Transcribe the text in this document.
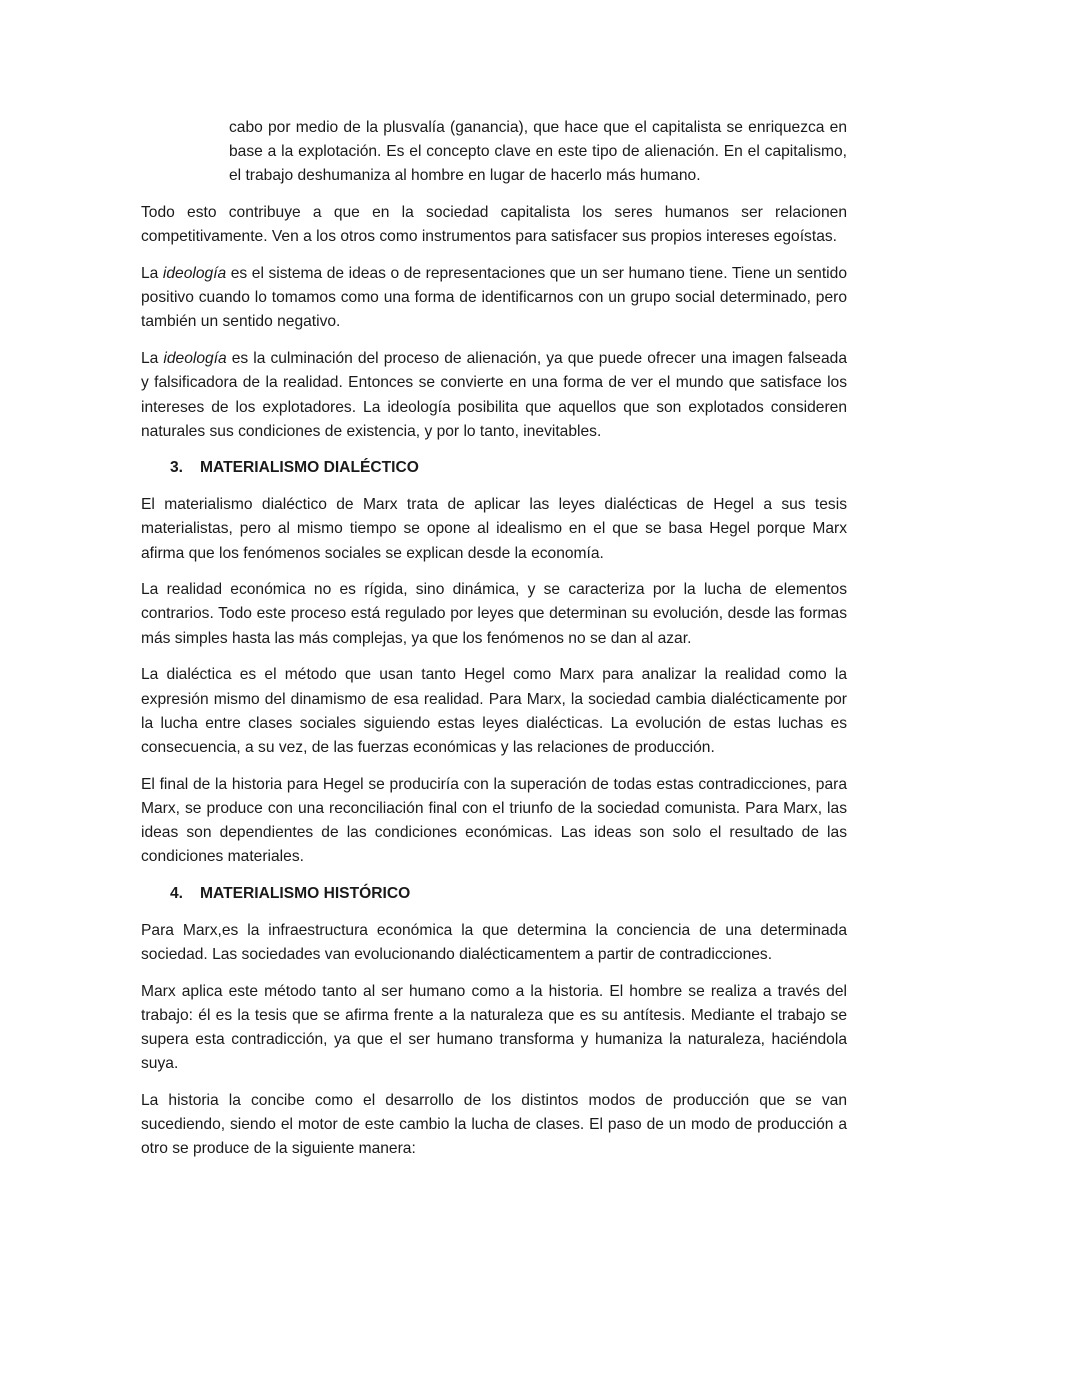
cabo por medio de la plusvalía (ganancia), que hace que el capitalista se enriquezca en base a la explotación. Es el concepto clave en este tipo de alienación. En el capitalismo, el trabajo deshumaniza al hombre en lugar de hacerlo más humano.

Todo esto contribuye a que en la sociedad capitalista los seres humanos ser relacionen competitivamente. Ven a los otros como instrumentos para satisfacer sus propios intereses egoístas.

La ideología es el sistema de ideas o de representaciones que un ser humano tiene. Tiene un sentido positivo cuando lo tomamos como una forma de identificarnos con un grupo social determinado, pero también un sentido negativo.

La ideología es la culminación del proceso de alienación, ya que puede ofrecer una imagen falseada y falsificadora de la realidad. Entonces se convierte en una forma de ver el mundo que satisface los intereses de los explotadores. La ideología posibilita que aquellos que son explotados consideren naturales sus condiciones de existencia, y por lo tanto, inevitables.

3. MATERIALISMO DIALÉCTICO

El materialismo dialéctico de Marx trata de aplicar las leyes dialécticas de Hegel a sus tesis materialistas, pero al mismo tiempo se opone al idealismo en el que se basa Hegel porque Marx afirma que los fenómenos sociales se explican desde la economía.

La realidad económica no es rígida, sino dinámica, y se caracteriza por la lucha de elementos contrarios. Todo este proceso está regulado por leyes que determinan su evolución, desde las formas más simples hasta las más complejas, ya que los fenómenos no se dan al azar.

La dialéctica es el método que usan tanto Hegel como Marx para analizar la realidad como la expresión mismo del dinamismo de esa realidad. Para Marx, la sociedad cambia dialécticamente por la lucha entre clases sociales siguiendo estas leyes dialécticas. La evolución de estas luchas es consecuencia, a su vez, de las fuerzas económicas y las relaciones de producción.

El final de la historia para Hegel se produciría con la superación de todas estas contradicciones, para Marx, se produce con una reconciliación final con el triunfo de la sociedad comunista. Para Marx, las ideas son dependientes de las condiciones económicas. Las ideas son solo el resultado de las condiciones materiales.

4. MATERIALISMO HISTÓRICO

Para Marx,es la infraestructura económica la que determina la conciencia de una determinada sociedad. Las sociedades van evolucionando dialécticamentem a partir de contradicciones.

Marx aplica este método tanto al ser humano como a la historia. El hombre se realiza a través del trabajo: él es la tesis que se afirma frente a la naturaleza que es su antítesis. Mediante el trabajo se supera esta contradicción, ya que el ser humano transforma y humaniza la naturaleza, haciéndola suya.

La historia la concibe como el desarrollo de los distintos modos de producción que se van sucediendo, siendo el motor de este cambio la lucha de clases. El paso de un modo de producción a otro se produce de la siguiente manera:
